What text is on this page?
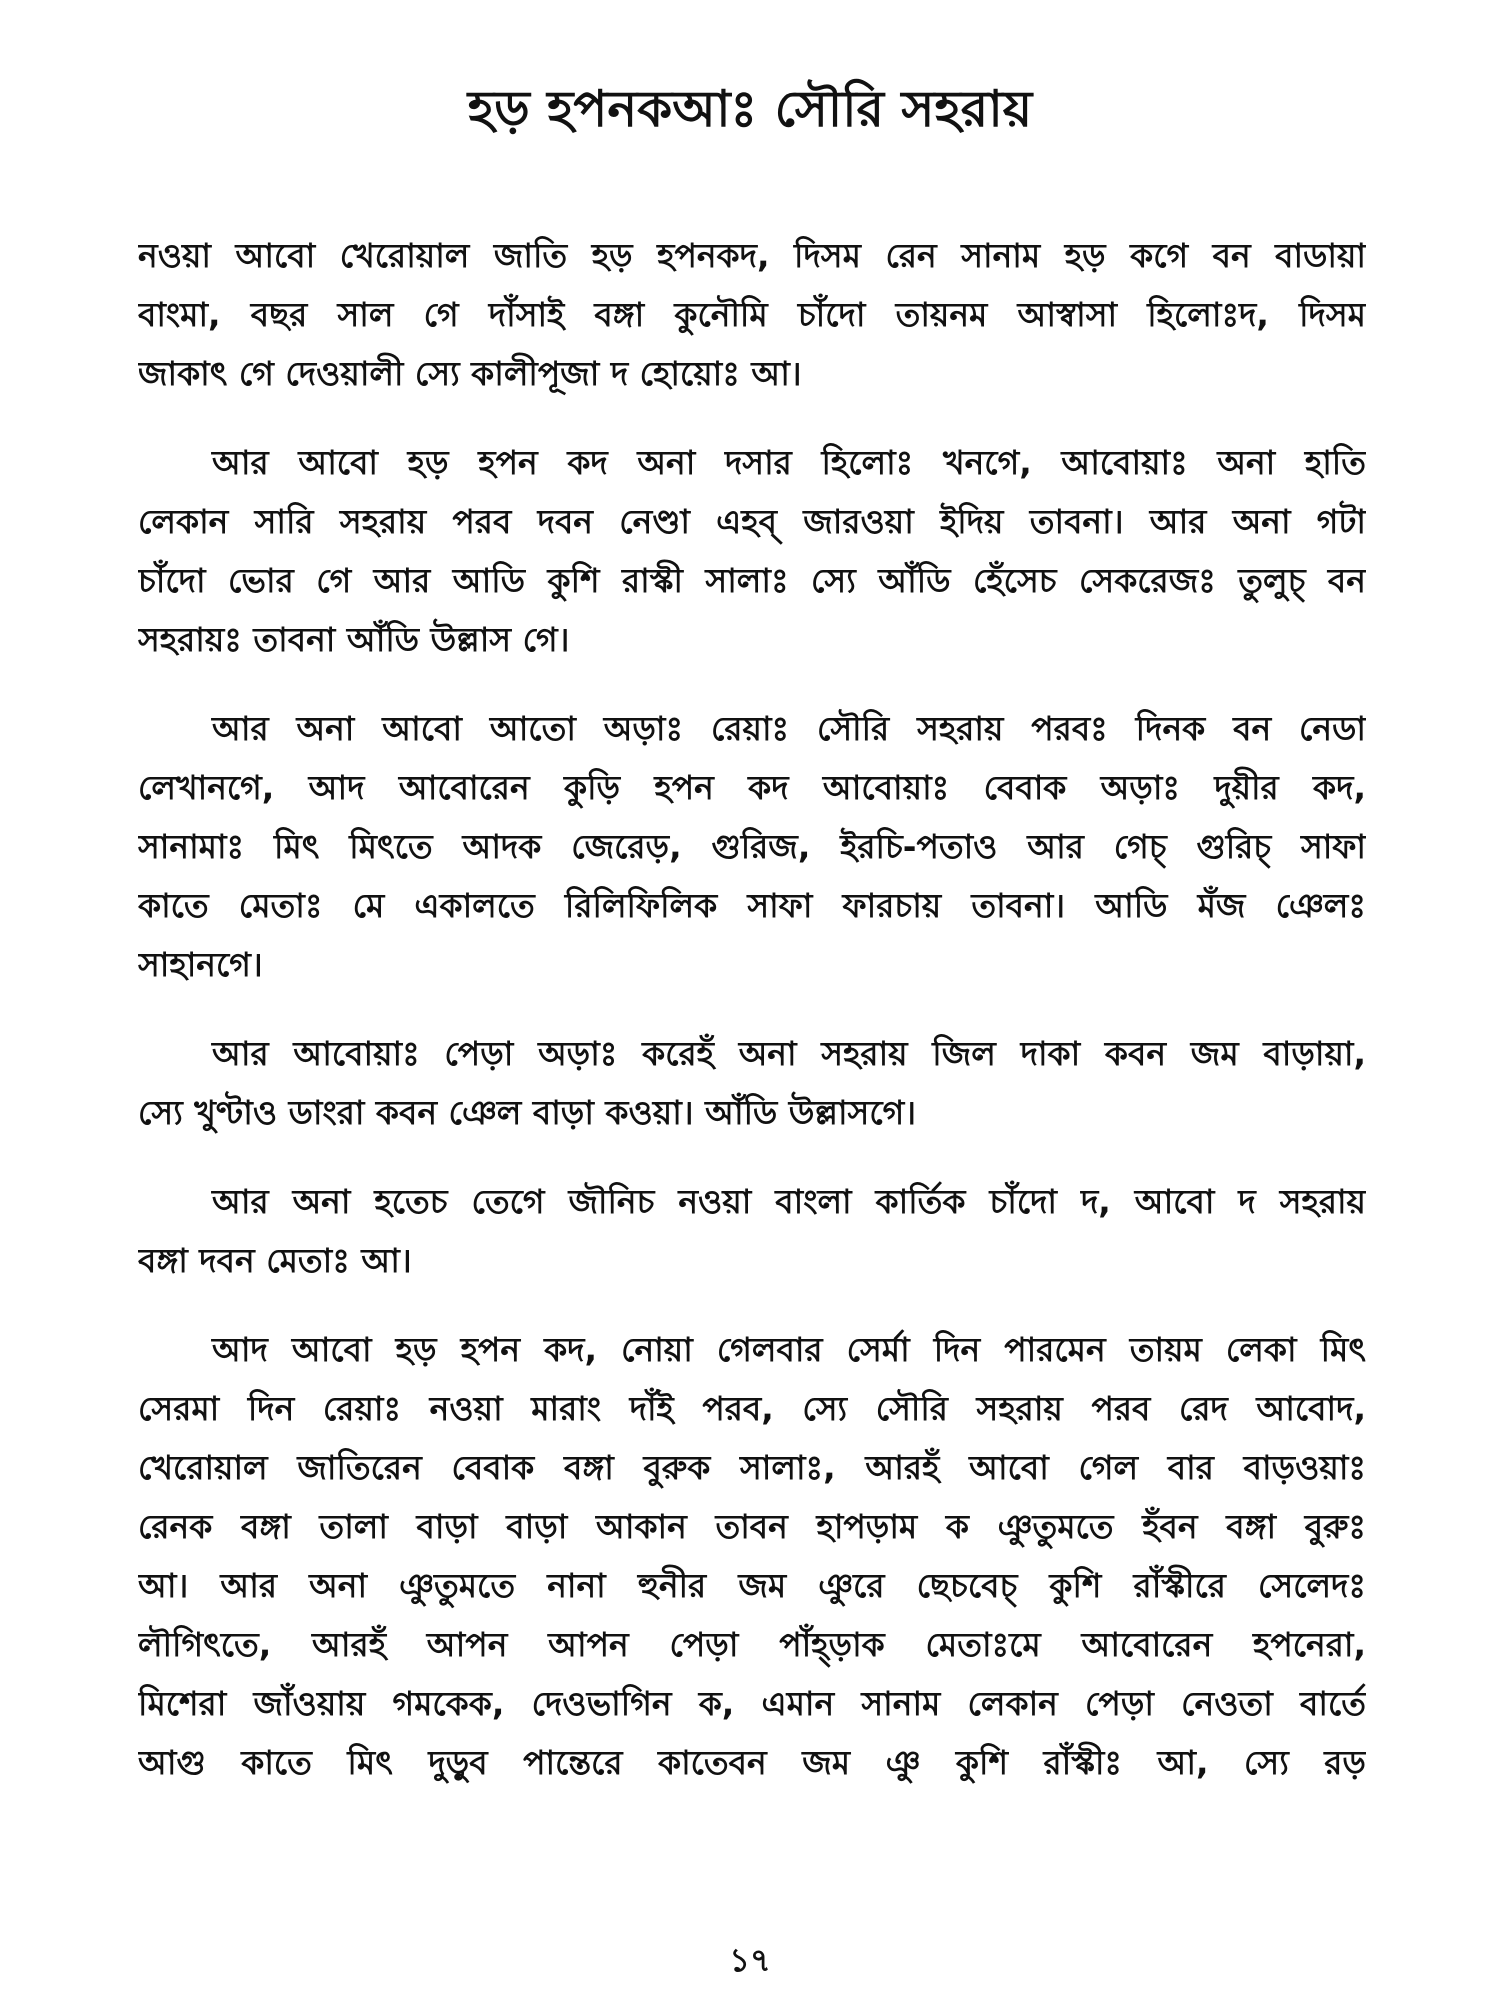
হড় হপনকআঃ সৌরি সহরায়
নওয়া আবো খেরোয়াল জাতি হড় হপনকদ, দিসম রেন সানাম হড় কগে বন বাডায়া
বাংমা, বছর সাল গে দাঁসাই বঙ্গা কুনৌমি চাঁদো তায়নম আস্বাসা হিলোঃদ, দিসম
জাকাৎ গে দেওয়ালী স্যে কালীপূজা দ হোয়োঃ আ।
আর আবো হড় হপন কদ অনা দসার হিলোঃ খনগে, আবোয়াঃ অনা হাতি
লেকান সারি সহরায় পরব দবন নেণ্ডা এহব্ জারওয়া ইদিয় তাবনা। আর অনা গটা
চাঁদো ভোর গে আর আডি কুশি রাস্কী সালাঃ স্যে আঁডি হেঁসেচ সেকরেজঃ তুলুচ্ বন
সহরায়ঃ তাবনা আঁডি উল্লাস গে।
আর অনা আবো আতো অড়াঃ রেয়াঃ সৌরি সহরায় পরবঃ দিনক বন নেডা
লেখানগে, আদ আবোরেন কুড়ি হপন কদ আবোয়াঃ বেবাক অড়াঃ দুয়ীর কদ,
সানামাঃ মিৎ মিৎতে আদক জেরেড়, গুরিজ, ইরচি-পতাও আর গেচ্ গুরিচ্ সাফা
কাতে মেতাঃ মে একালতে রিলিফিলিক সাফা ফারচায় তাবনা। আডি মঁজ ঞেলঃ
সাহানগে।
আর আবোয়াঃ পেড়া অড়াঃ করেহঁ অনা সহরায় জিল দাকা কবন জম বাড়ায়া,
স্যে খুণ্টাও ডাংরা কবন ঞেল বাড়া কওয়া। আঁডি উল্লাসগে।
আর অনা হতেচ তেগে জৗনিচ নওয়া বাংলা কার্তিক চাঁদো দ, আবো দ সহরায়
বঙ্গা দবন মেতাঃ আ।
আদ আবো হড় হপন কদ, নোয়া গেলবার সের্মা দিন পারমেন তায়ম লেকা মিৎ
সেরমা দিন রেয়াঃ নওয়া মারাং দাঁই পরব, স্যে সৌরি সহরায় পরব রেদ আবোদ,
খেরোয়াল জাতিরেন বেবাক বঙ্গা বুরুক সালাঃ, আরহঁ আবো গেল বার বাড়ওয়াঃ
রেনক বঙ্গা তালা বাড়া বাড়া আকান তাবন হাপড়াম ক ঞুতুমতে হঁবন বঙ্গা বুরুঃ
আ। আর অনা ঞুতুমতে নানা হুনীর জম ঞুরে ছেচবেচ্ কুশি রাঁস্কীরে সেলেদঃ
লৗগিৎতে, আরহঁ আপন আপন পেড়া পাঁহ্ড়াক মেতাঃমে আবোরেন হপনেরা,
মিশেরা জাঁওয়ায় গমকেক, দেওভাগিন ক, এমান সানাম লেকান পেড়া নেওতা বার্তে
আগু কাতে মিৎ দুড়ুব পান্তেরে কাতেবন জম ঞু কুশি রাঁস্কীঃ আ, স্যে রড়
১৭
